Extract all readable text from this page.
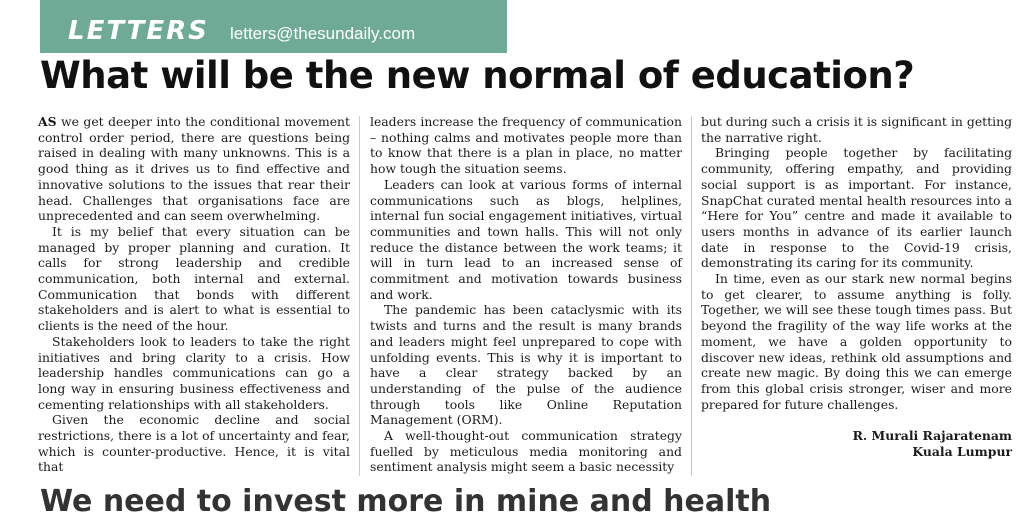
LETTERS letters@thesundaily.com
What will be the new normal of education?

AS we get deeper into the conditional movement control order period, there are questions being raised in dealing with many unknowns. This is a good thing as it drives us to find effective and innovative solutions to the issues that rear their head. Challenges that organisations face are unprecedented and can seem overwhelming.

It is my belief that every situation can be managed by proper planning and curation. It calls for strong leadership and credible communication, both internal and external. Communication that bonds with different stakeholders and is alert to what is essential to clients is the need of the hour.

Stakeholders look to leaders to take the right initiatives and bring clarity to a crisis. How leadership handles communications can go a long way in ensuring business effectiveness and cementing relationships with all stakeholders.

Given the economic decline and social restrictions, there is a lot of uncertainty and fear, which is counter-productive. Hence, it is vital that

leaders increase the frequency of communication – nothing calms and motivates people more than to know that there is a plan in place, no matter how tough the situation seems.

Leaders can look at various forms of internal communications such as blogs, helplines, internal fun social engagement initiatives, virtual communities and town halls. This will not only reduce the distance between the work teams; it will in turn lead to an increased sense of commitment and motivation towards business and work.

The pandemic has been cataclysmic with its twists and turns and the result is many brands and leaders might feel unprepared to cope with unfolding events. This is why it is important to have a clear strategy backed by an understanding of the pulse of the audience through tools like Online Reputation Management (ORM).

A well-thought-out communication strategy fuelled by meticulous media monitoring and sentiment analysis might seem a basic necessity

but during such a crisis it is significant in getting the narrative right.

Bringing people together by facilitating community, offering empathy, and providing social support is as important. For instance, SnapChat curated mental health resources into a “Here for You” centre and made it available to users months in advance of its earlier launch date in response to the Covid-19 crisis, demonstrating its caring for its community.

In time, even as our stark new normal begins to get clearer, to assume anything is folly. Together, we will see these tough times pass. But beyond the fragility of the way life works at the moment, we have a golden opportunity to discover new ideas, rethink old assumptions and create new magic. By doing this we can emerge from this global crisis stronger, wiser and more prepared for future challenges.

R. Murali Rajaratenam
Kuala Lumpur
We need to invest more in mine and health
